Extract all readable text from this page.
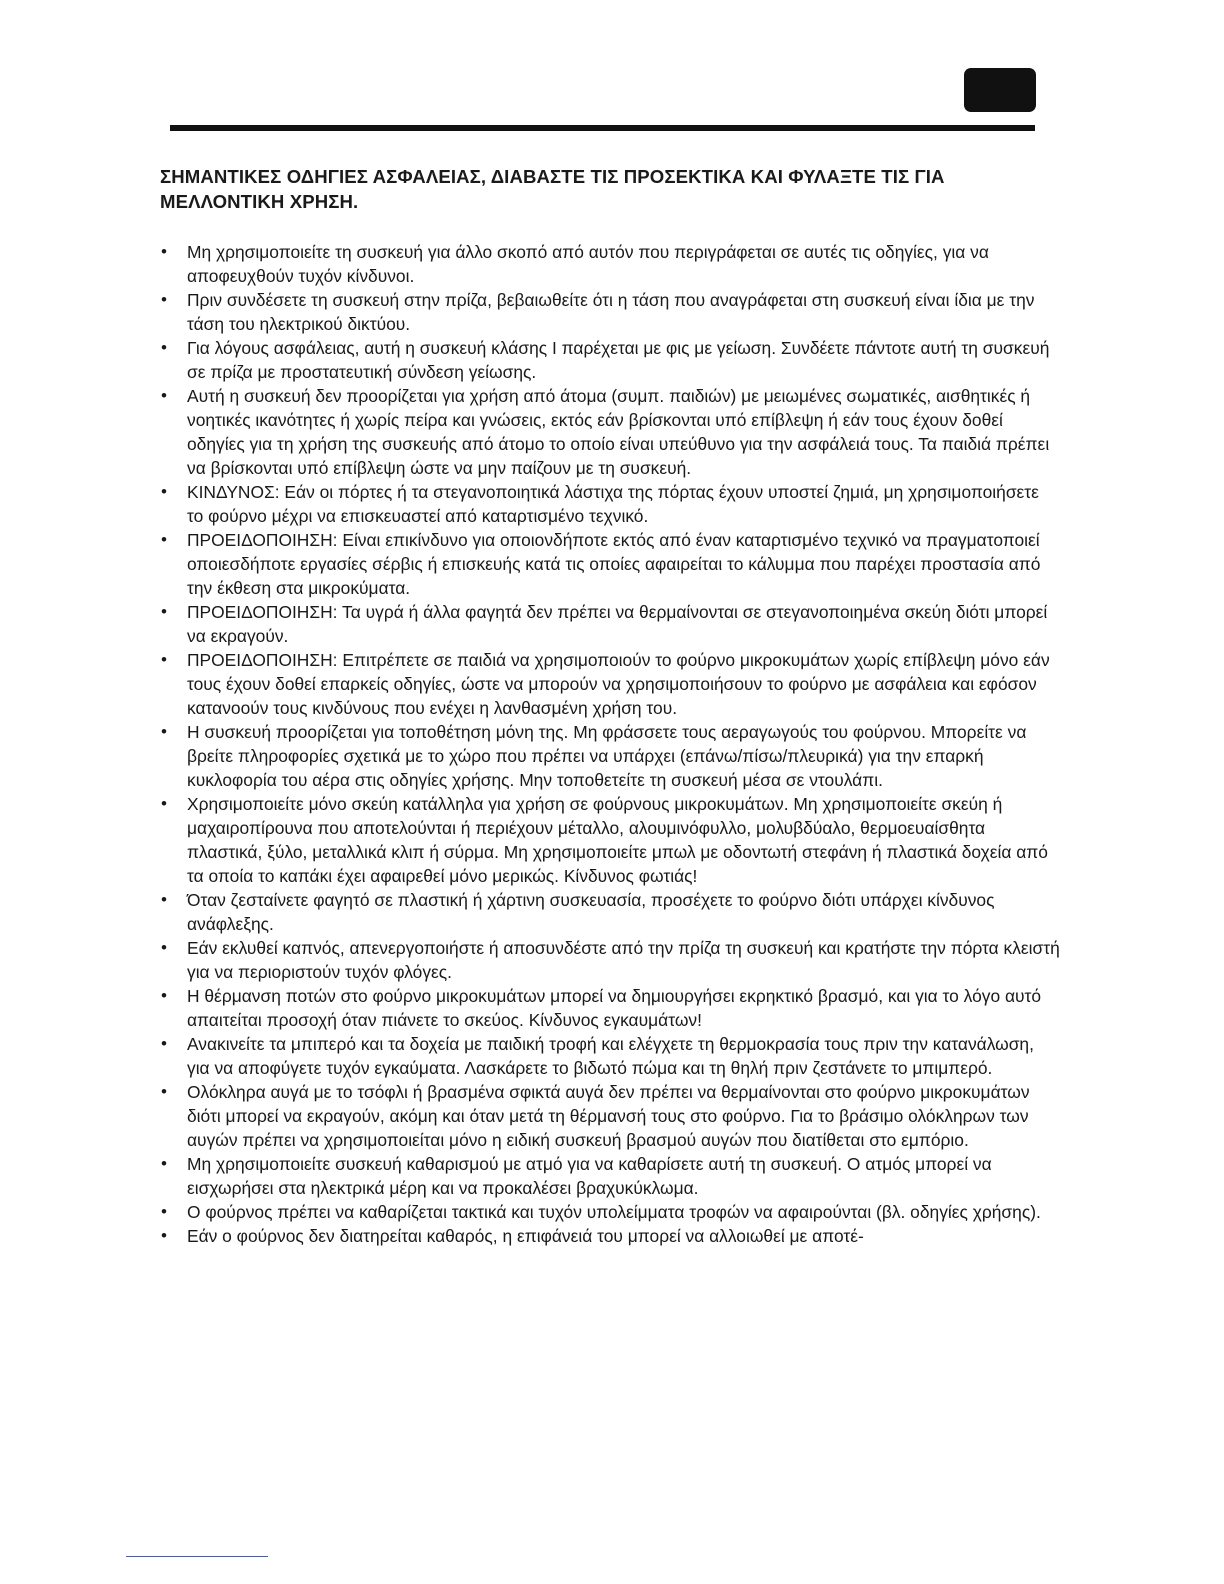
ΣΗΜΑΝΤΙΚΕΣ ΟΔΗΓΙΕΣ ΑΣΦΑΛΕΙΑΣ, ΔΙΑΒΑΣΤΕ ΤΙΣ ΠΡΟΣΕΚΤΙΚΑ ΚΑΙ ΦΥΛΑΞΤΕ ΤΙΣ ΓΙΑ ΜΕΛΛΟΝΤΙΚΗ ΧΡΗΣΗ.
• Μη χρησιμοποιείτε τη συσκευή για άλλο σκοπό από αυτόν που περιγράφεται σε αυτές τις οδηγίες, για να αποφευχθούν τυχόν κίνδυνοι.
• Πριν συνδέσετε τη συσκευή στην πρίζα, βεβαιωθείτε ότι η τάση που αναγράφεται στη συσκευή είναι ίδια με την τάση του ηλεκτρικού δικτύου.
• Για λόγους ασφάλειας, αυτή η συσκευή κλάσης I παρέχεται με φις με γείωση. Συνδέετε πάντοτε αυτή τη συσκευή σε πρίζα με προστατευτική σύνδεση γείωσης.
• Αυτή η συσκευή δεν προορίζεται για χρήση από άτομα (συμπ. παιδιών) με μειωμένες σωματικές, αισθητικές ή νοητικές ικανότητες ή χωρίς πείρα και γνώσεις, εκτός εάν βρίσκονται υπό επίβλεψη ή εάν τους έχουν δοθεί οδηγίες για τη χρήση της συσκευής από άτομο το οποίο είναι υπεύθυνο για την ασφάλειά τους. Τα παιδιά πρέπει να βρίσκονται υπό επίβλεψη ώστε να μην παίζουν με τη συσκευή.
• ΚΙΝΔΥΝΟΣ: Εάν οι πόρτες ή τα στεγανοποιητικά λάστιχα της πόρτας έχουν υποστεί ζημιά, μη χρησιμοποιήσετε το φούρνο μέχρι να επισκευαστεί από καταρτισμένο τεχνικό.
• ΠΡΟΕΙΔΟΠΟΙΗΣΗ: Είναι επικίνδυνο για οποιονδήποτε εκτός από έναν καταρτισμένο τεχνικό να πραγματοποιεί οποιεσδήποτε εργασίες σέρβις ή επισκευής κατά τις οποίες αφαιρείται το κάλυμμα που παρέχει προστασία από την έκθεση στα μικροκύματα.
• ΠΡΟΕΙΔΟΠΟΙΗΣΗ: Τα υγρά ή άλλα φαγητά δεν πρέπει να θερμαίνονται σε στεγανοποιημένα σκεύη διότι μπορεί να εκραγούν.
• ΠΡΟΕΙΔΟΠΟΙΗΣΗ: Επιτρέπετε σε παιδιά να χρησιμοποιούν το φούρνο μικροκυμάτων χωρίς επίβλεψη μόνο εάν τους έχουν δοθεί επαρκείς οδηγίες, ώστε να μπορούν να χρησιμοποιήσουν το φούρνο με ασφάλεια και εφόσον κατανοούν τους κινδύνους που ενέχει η λανθασμένη χρήση του.
• Η συσκευή προορίζεται για τοποθέτηση μόνη της. Μη φράσσετε τους αεραγωγούς του φούρνου. Μπορείτε να βρείτε πληροφορίες σχετικά με το χώρο που πρέπει να υπάρχει (επάνω/πίσω/πλευρικά) για την επαρκή κυκλοφορία του αέρα στις οδηγίες χρήσης. Μην τοποθετείτε τη συσκευή μέσα σε ντουλάπι.
• Χρησιμοποιείτε μόνο σκεύη κατάλληλα για χρήση σε φούρνους μικροκυμάτων. Μη χρησιμοποιείτε σκεύη ή μαχαιροπίρουνα που αποτελούνται ή περιέχουν μέταλλο, αλουμινόφυλλο, μολυβδύαλο, θερμοευαίσθητα πλαστικά, ξύλο, μεταλλικά κλιπ ή σύρμα. Μη χρησιμοποιείτε μπωλ με οδοντωτή στεφάνη ή πλαστικά δοχεία από τα οποία το καπάκι έχει αφαιρεθεί μόνο μερικώς. Κίνδυνος φωτιάς!
• Όταν ζεσταίνετε φαγητό σε πλαστική ή χάρτινη συσκευασία, προσέχετε το φούρνο διότι υπάρχει κίνδυνος ανάφλεξης.
• Εάν εκλυθεί καπνός, απενεργοποιήστε ή αποσυνδέστε από την πρίζα τη συσκευή και κρατήστε την πόρτα κλειστή για να περιοριστούν τυχόν φλόγες.
• Η θέρμανση ποτών στο φούρνο μικροκυμάτων μπορεί να δημιουργήσει εκρηκτικό βρασμό, και για το λόγο αυτό απαιτείται προσοχή όταν πιάνετε το σκεύος. Κίνδυνος εγκαυμάτων!
• Ανακινείτε τα μπιπερό και τα δοχεία με παιδική τροφή και ελέγχετε τη θερμοκρασία τους πριν την κατανάλωση, για να αποφύγετε τυχόν εγκαύματα. Λασκάρετε το βιδωτό πώμα και τη θηλή πριν ζεστάνετε το μπιμπερό.
• Ολόκληρα αυγά με το τσόφλι ή βρασμένα σφικτά αυγά δεν πρέπει να θερμαίνονται στο φούρνο μικροκυμάτων διότι μπορεί να εκραγούν, ακόμη και όταν μετά τη θέρμανσή τους στο φούρνο. Για το βράσιμο ολόκληρων των αυγών πρέπει να χρησιμοποιείται μόνο η ειδική συσκευή βρασμού αυγών που διατίθεται στο εμπόριο.
• Μη χρησιμοποιείτε συσκευή καθαρισμού με ατμό για να καθαρίσετε αυτή τη συσκευή. Ο ατμός μπορεί να εισχωρήσει στα ηλεκτρικά μέρη και να προκαλέσει βραχυκύκλωμα.
• Ο φούρνος πρέπει να καθαρίζεται τακτικά και τυχόν υπολείμματα τροφών να αφαιρούνται (βλ. οδηγίες χρήσης).
• Εάν ο φούρνος δεν διατηρείται καθαρός, η επιφάνειά του μπορεί να αλλοιωθεί με αποτέ-
